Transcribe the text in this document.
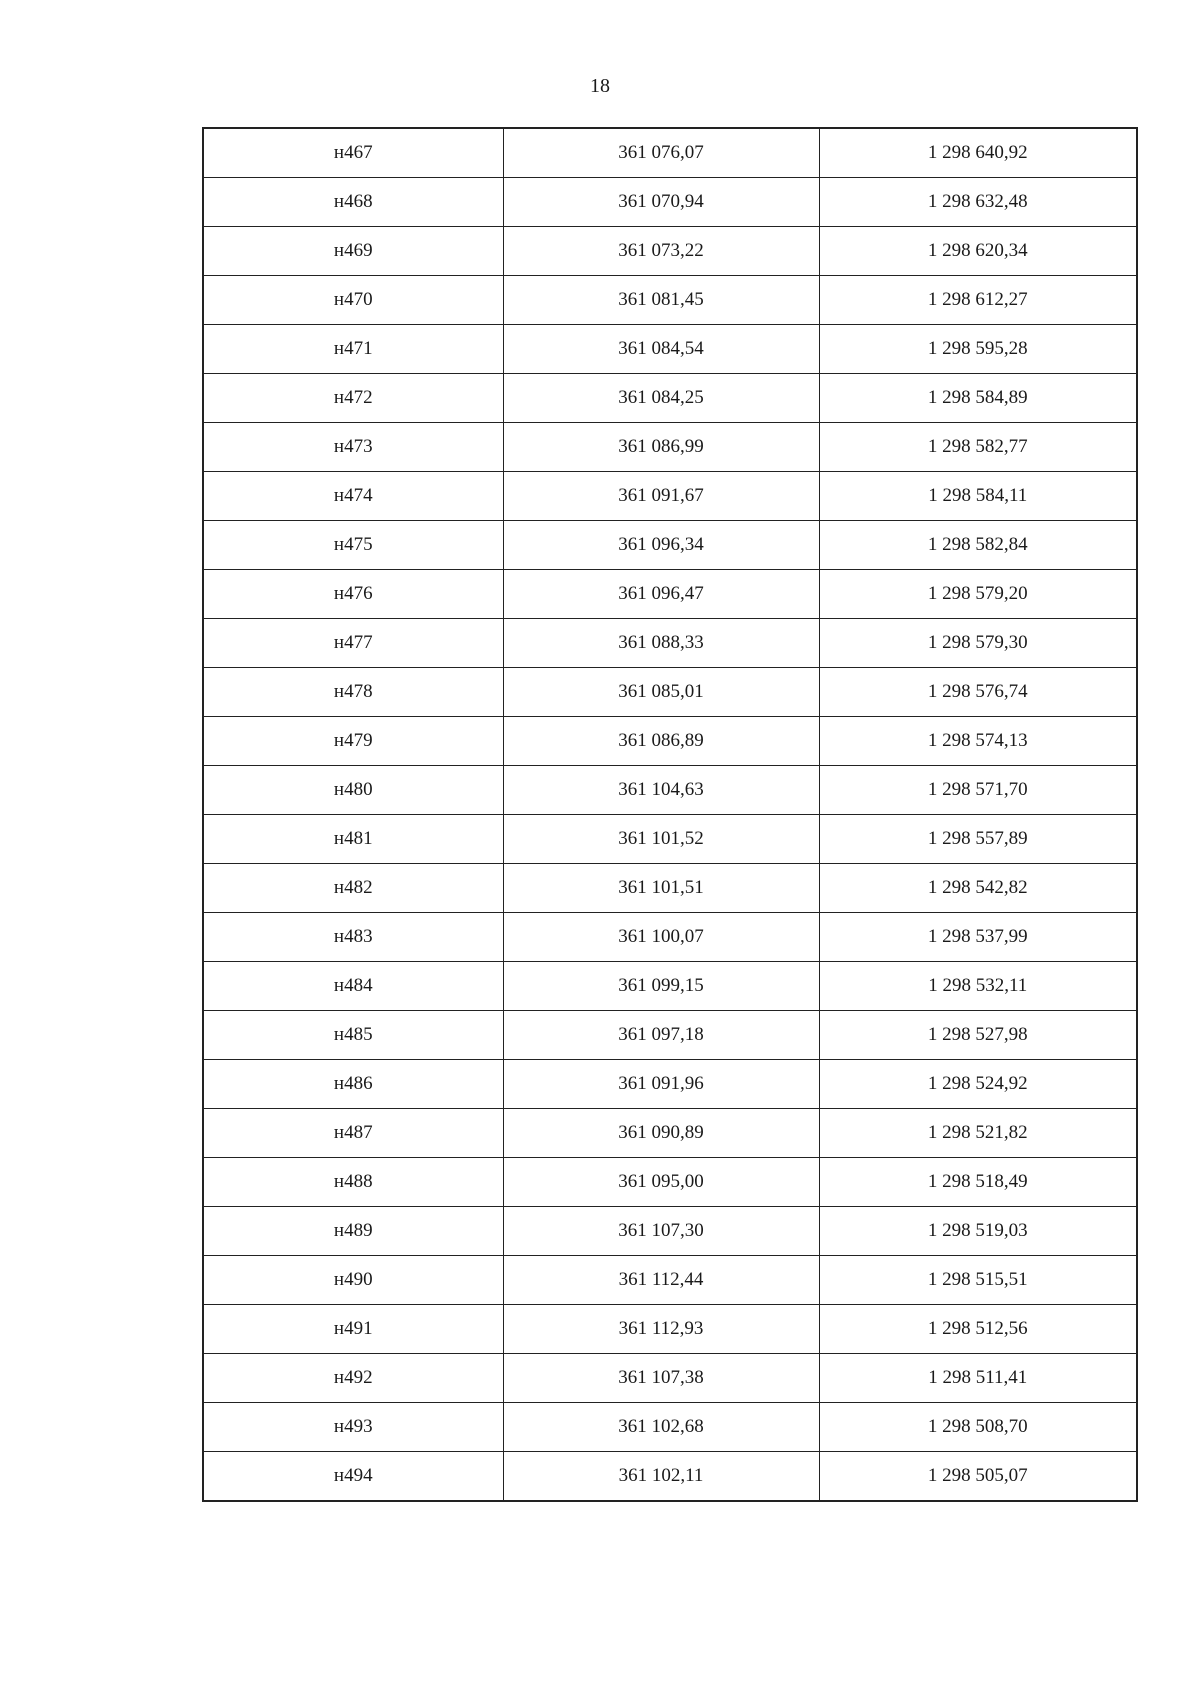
18
н467	361 076,07	1 298 640,92
н468	361 070,94	1 298 632,48
н469	361 073,22	1 298 620,34
н470	361 081,45	1 298 612,27
н471	361 084,54	1 298 595,28
н472	361 084,25	1 298 584,89
н473	361 086,99	1 298 582,77
н474	361 091,67	1 298 584,11
н475	361 096,34	1 298 582,84
н476	361 096,47	1 298 579,20
н477	361 088,33	1 298 579,30
н478	361 085,01	1 298 576,74
н479	361 086,89	1 298 574,13
н480	361 104,63	1 298 571,70
н481	361 101,52	1 298 557,89
н482	361 101,51	1 298 542,82
н483	361 100,07	1 298 537,99
н484	361 099,15	1 298 532,11
н485	361 097,18	1 298 527,98
н486	361 091,96	1 298 524,92
н487	361 090,89	1 298 521,82
н488	361 095,00	1 298 518,49
н489	361 107,30	1 298 519,03
н490	361 112,44	1 298 515,51
н491	361 112,93	1 298 512,56
н492	361 107,38	1 298 511,41
н493	361 102,68	1 298 508,70
н494	361 102,11	1 298 505,07
